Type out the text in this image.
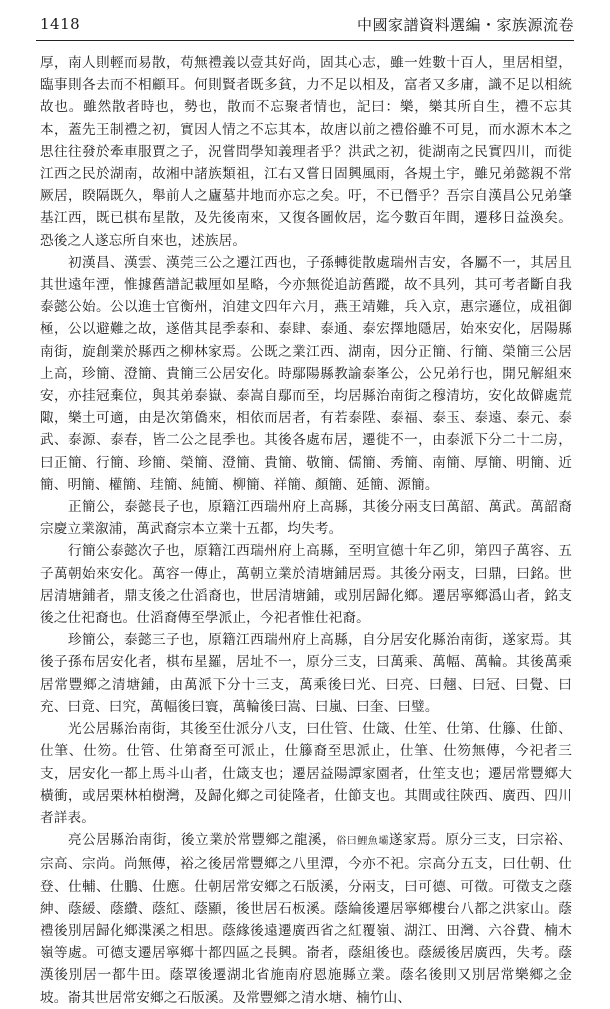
1418	中國家譜資料選編・家族源流卷

厚，南人則輕而易散，苟無禮義以壹其好尚，固其心志，雖一姓數十百人，里居相望，臨事則各去而不相顧耳。何則賢者既多貧，力不足以相及，富者又多庸，識不足以相統故也。雖然散者時也，勢也，散而不忘聚者情也，記曰：樂，樂其所自生，禮不忘其本，蓋先王制禮之初，實因人情之不忘其本，故唐以前之禮俗雖不可見，而水源木本之思往往發於牽車服賈之子，況嘗問學知義理者乎？洪武之初，徙湖南之民實四川，而徙江西之民於湖南，故湘中諸族類祖，江右又嘗日固興風雨，各規土宇，雖兄弟懿親不常厥居，睽隔既久，舉前人之廬墓井地而亦忘之矣。吁，不已僭乎？吾宗自漢昌公兄弟肇基江西，既已棋布星散，及先後南來，又復各圖攸居，迄今數百年間，遷移日益渙矣。恐後之人遂忘所自來也，述族居。

初漢昌、漢雲、漢莞三公之遷江西也，子孫轉徙散處瑞州吉安，各屬不一，其居且其世遠年湮，惟據舊譜記載厘如星略，今亦無從追訪舊蹤，故不具列，其可考者斷自我泰懿公始。公以進士官衡州，洎建文四年六月，燕王靖難，兵入京，惠宗遜位，成祖御極，公以避難之故，遂偕其昆季泰和、泰肆、泰通、泰宏擇地隱居，始來安化，居陽縣南街，旋創業於縣西之柳林家焉。公既之業江西、湖南，因分正簡、行簡、榮簡三公居上高，珍簡、澄簡、貴簡三公居安化。時鄢陽縣教諭泰峯公，公兄弟行也，開兄解組來安，亦挂冠棄位，與其弟泰嶽、泰嵩自鄢而至，均居縣治南街之穆清坊，安化故僻處荒陬，樂土可適，由是次第僑來，相依而居者，有若泰陞、泰福、泰玉、泰遠、泰元、泰武、泰源、泰春，皆二公之昆季也。其後各處布居，遷徙不一，由泰派下分二十二房，曰正簡、行簡、珍簡、榮簡、澄簡、貴簡、敬簡、儒簡、秀簡、南簡、厚簡、明簡、近簡、明簡、權簡、珪簡、純簡、柳簡、祥簡、顏簡、延簡、源簡。

正簡公，泰懿長子也，原籍江西瑞州府上高縣，其後分兩支曰萬韶、萬武。萬韶裔宗慶立業溆浦，萬武裔宗本立業十五都，均失考。

行簡公泰懿次子也，原籍江西瑞州府上高縣，至明宣德十年乙卯，第四子萬容、五子萬朝始來安化。萬容一傳止，萬朝立業於清塘鋪居焉。其後分兩支，曰鼎，曰銘。世居清塘鋪者，鼎支後之仕滔裔也，世居清塘鋪，或別居歸化鄉。遷居寧鄉潙山者，銘支後之仕祀裔也。仕滔裔傳至學派止，今祀者惟仕祀裔。

珍簡公，泰懿三子也，原籍江西瑞州府上高縣，自分居安化縣治南街，遂家焉。其後子孫布居安化者，棋布星羅，居址不一，原分三支，曰萬乘、萬幅、萬輪。其後萬乘居常豐鄉之清塘鋪，由萬派下分十三支，萬乘後曰光、曰亮、曰翹、曰冠、曰覺、曰充、曰竟、曰究，萬幅後曰寰，萬輪後曰嵩、曰嵐、曰奎、曰璧。

光公居縣治南街，其後至仕派分八支，曰仕管、仕箴、仕笙、仕第、仕籐、仕節、仕筆、仕笏。仕管、仕第裔至可派止，仕籐裔至思派止，仕筆、仕笏無傳，今祀者三支，居安化一都上馬斗山者，仕箴支也；遷居益陽譚家園者，仕笙支也；遷居常豐鄉大橫衝，或居栗林柏樹灣，及歸化鄉之司徒隆者，仕節支也。其間或往陝西、廣西、四川者詳表。

亮公居縣治南街，後立業於常豐鄉之龍溪，俗曰鯉魚壩遂家焉。原分三支，曰宗裕、宗高、宗尚。尚無傳，裕之後居常豐鄉之八里潭，今亦不祀。宗高分五支，曰仕朝、仕登、仕輔、仕鵬、仕應。仕朝居常安鄉之石版溪，分兩支，曰可德、可徵。可徵支之蔭紳、蔭緩、蔭纘、蔭紅、蔭顯，後世居石板溪。蔭綸後遷居寧鄉樓台八都之洪家山。蔭禮後別居歸化鄉渫溪之相思。蔭緣後遠遷廣西省之紅覆嶺、湖江、田灣、六谷費、楠木嶺等處。可德支遷居寧鄉十都四區之長興。嵛者，蔭組後也。蔭緩後居廣西，失考。蔭漢後別居一都牛田。蔭罩後遷湖北省施南府恩施縣立業。蔭名後則又別居常樂鄉之金坡。嵛其世居常安鄉之石版溪。及常豐鄉之清水塘、楠竹山、
